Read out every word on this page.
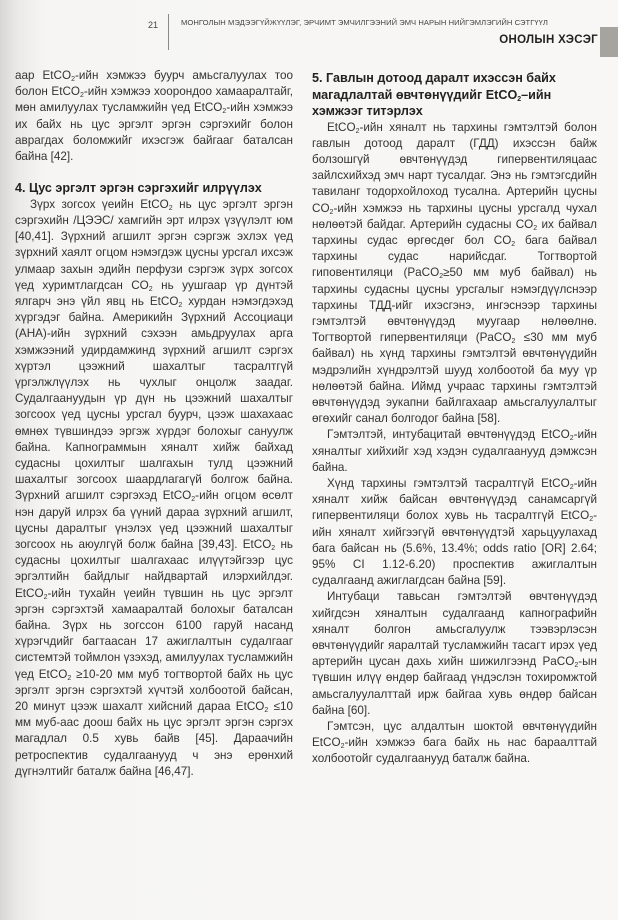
21	МОНГОЛЫН МЭДЭЭГҮЙЖҮҮЛЭГ, ЭРЧИМТ ЭМЧИЛГЭЭНИЙ ЭМЧ НАРЫН НИЙГЭМЛЭГИЙН СЭТГҮҮЛ
ОНОЛЫН ХЭСЭГ

аар EtCO$_2$-ийн хэмжээ буурч амьсгалуулах тоо болон EtCO$_2$-ийн хэмжээ хоорондоо хамааралтайг, мөн амилуулах тусламжийн үед EtCO$_2$-ийн хэмжээ их байх нь цус эргэлт эргэн сэргэхийг болон аврагдах боломжийг ихэсгэж байгааг баталсан байна [42].

4. Цус эргэлт эргэн сэргэхийг илрүүлэх

Зүрх зогсох үеийн EtCO$_2$ нь цус эргэлт эргэн сэргэхийн /ЦЭЭС/ хамгийн эрт илрэх үзүүлэлт юм [40,41]. Зүрхний агшилт эргэн сэргэж эхлэх үед зүрхний хаялт огцом нэмэгдэж цусны урсгал ихсэж улмаар захын эдийн перфузи сэргэж зүрх зогсох үед хуримтлагдсан $CO_2$ нь уушгаар үр дүнтэй ялгарч энэ үйл явц нь EtCO$_2$ хурдан нэмэгдэхэд хүргэдэг байна. Америкийн Зүрхний Ассоциаци (АНА)-ийн зүрхний сэхээн амьдруулах арга хэмжээний удирдамжинд зүрхний агшилт сэргэх хүртэл цээжний шахалтыг тасралтгүй үргэлжлүүлэх нь чухлыг онцолж заадаг. Судалгаануудын үр дүн нь цээжний шахалтыг зогсоох үед цусны урсгал буурч, цээж шахахаас өмнөх түвшиндээ эргэж хүрдэг болохыг сануулж байна. Капнограммын хяналт хийж байхад судасны цохилтыг шалгахын тулд цээжний шахалтыг зогсоох шаардлагагүй болгож байна. Зүрхний агшилт сэргэхэд EtCO$_2$-ийн огцом өсөлт нэн даруй илрэх ба үүний дараа зүрхний агшилт, цусны даралтыг үнэлэх үед цээжний шахалтыг зогсоох нь аюулгүй болж байна [39,43]. EtCO$_2$ нь судасны цохилтыг шалгахаас илүүтэйгээр цус эргэлтийн байдлыг найдвартай илэрхийлдэг. EtCO$_2$-ийн тухайн үеийн түвшин нь цус эргэлт эргэн сэргэхтэй хамааралтай болохыг баталсан байна. Зүрх нь зогссон 6100 гаруй насанд хүрэгчдийг багтаасан 17 ажиглалтын судалгааг системтэй тоймлон үзэхэд, амилуулах тусламжийн үед EtCO$_2$ ≥10-20 мм муб тогтвортой байх нь цус эргэлт эргэн сэргэхтэй хүчтэй холбоотой байсан, 20 минут цээж шахалт хийсний дараа EtCO$_2$ ≤10 мм муб-аас доош байх нь цус эргэлт эргэн сэргэх магадлал 0.5 хувь байв [45]. Дараачийн ретроспектив судалгаанууд ч энэ ерөнхий дүгнэлтийг баталж байна [46,47].

5. Гавлын дотоод даралт ихэссэн байх магадлалтай өвчтөнүүдийг EtCO$_2$–ийн хэмжээг титэрлэх

EtCO$_2$-ийн хяналт нь тархины гэмтэлтэй болон гавлын дотоод даралт (ГДД) ихэссэн байж болзошгүй өвчтөнүүдэд гипервентиляцаас зайлсхийхэд эмч нарт тусалдаг. Энэ нь гэмтэгсдийн тавиланг тодорхойлоход тусална. Артерийн цусны $CO_2$-ийн хэмжээ нь тархины цусны урсгалд чухал нөлөөтэй байдаг. Артерийн судасны $CO_2$ их байвал тархины судас өргөсдөг бол $CO_2$ бага байвал тархины судас нарийсдаг. Тогтвортой гиповентиляци (PaCO$_2$≥50 мм муб байвал) нь тархины судасны цусны урсгалыг нэмэгдүүлснээр тархины ТДД-ийг ихэсгэнэ, ингэснээр тархины гэмтэлтэй өвчтөнүүдэд муугаар нөлөөлнө. Тогтвортой гипервентиляци (PaCO$_2$ ≤30 мм муб байвал) нь хүнд тархины гэмтэлтэй өвчтөнүүдийн мэдрэлийн хүндрэлтэй шууд холбоотой ба муу үр нөлөөтэй байна. Иймд учраас тархины гэмтэлтэй өвчтөнүүдэд эукапни байлгахаар амьсгалуулалтыг өгөхийг санал болгодог байна [58].

Гэмтэлтэй, интубацитай өвчтөнүүдэд EtCO$_2$-ийн хяналтыг хийхийг хэд хэдэн судалгаанууд дэмжсэн байна.

Хүнд тархины гэмтэлтэй тасралтгүй EtCO$_2$-ийн хяналт хийж байсан өвчтөнүүдэд санамсаргүй гипервентиляци болох хувь нь тасралтгүй EtCO$_2$-ийн хяналт хийгээгүй өвчтөнүүдтэй харьцуулахад бага байсан нь (5.6%, 13.4%; odds ratio [OR] 2.64; 95% CI 1.12-6.20) проспектив ажиглалтын судалгаанд ажиглагдсан байна [59].

Интубаци тавьсан гэмтэлтэй өвчтөнүүдэд хийгдсэн хяналтын судалгаанд капнографийн хяналт болгон амьсгалуулж тээвэрлэсэн өвчтөнүүдийг яаралтай тусламжийн тасагт ирэх үед артерийн цусан дахь хийн шижилгээнд PaCO$_2$-ын түвшин илүү өндөр байгаад үндэслэн тохиромжтой амьсгалуулалттай ирж байгаа хувь өндөр байсан байна [60].

Гэмтсэн, цус алдалтын шоктой өвчтөнүүдийн EtCO$_2$-ийн хэмжээ бага байх нь нас бараалттай холбоотойг судалгаанууд баталж байна.
